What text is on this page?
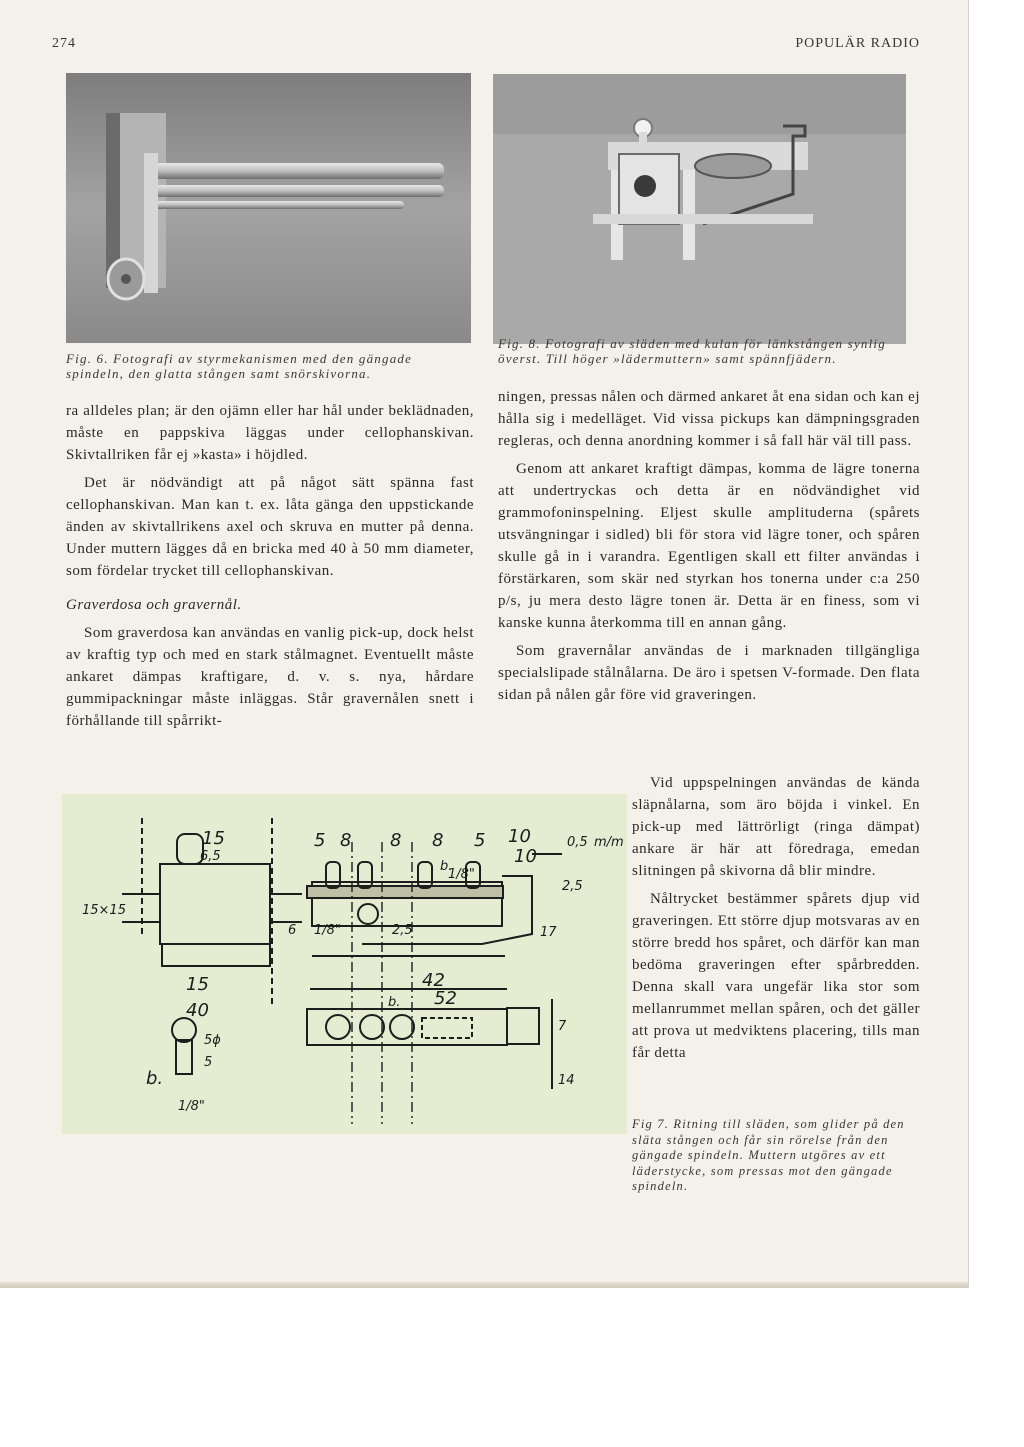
274	POPULÄR RADIO
Fig. 6. Fotografi av styrmekanismen med den gängade spindeln, den glatta stången samt snörskivorna.
Fig. 8. Fotografi av släden med kulan för länkstången synlig överst. Till höger »lädermuttern» samt spännfjädern.

ra alldeles plan; är den ojämn eller har hål under beklädnaden, måste en pappskiva läggas under cellophanskivan. Skivtallriken får ej »kasta» i höjdled.

Det är nödvändigt att på något sätt spänna fast cellophanskivan. Man kan t. ex. låta gänga den uppstickande änden av skivtallrikens axel och skruva en mutter på denna. Under muttern lägges då en bricka med 40 à 50 mm diameter, som fördelar trycket till cellophanskivan.

Graverdosa och gravernål.

Som graverdosa kan användas en vanlig pick-up, dock helst av kraftig typ och med en stark stålmagnet. Eventuellt måste ankaret dämpas kraftigare, d. v. s. nya, hårdare gummipackningar måste inläggas. Står gravernålen snett i förhållande till spårrikt-

ningen, pressas nålen och därmed ankaret åt ena sidan och kan ej hålla sig i medelläget. Vid vissa pickups kan dämpningsgraden regleras, och denna anordning kommer i så fall här väl till pass.

Genom att ankaret kraftigt dämpas, komma de lägre tonerna att undertryckas och detta är en nödvändighet vid grammofoninspelning. Eljest skulle amplituderna (spårets utsvängningar i sidled) bli för stora vid lägre toner, och spåren skulle gå in i varandra. Egentligen skall ett filter användas i förstärkaren, som skär ned styrkan hos tonerna under c:a 250 p/s, ju mera desto lägre tonen är. Detta är en finess, som vi kanske kunna återkomma till en annan gång.

Som gravernålar användas de i marknaden tillgängliga specialslipade stålnålarna. De äro i spetsen V-formade. Den flata sidan på nålen går före vid graveringen.

Vid uppspelningen användas de kända släpnålarna, som äro böjda i vinkel. En pick-up med lättrörligt (ringa dämpat) ankare är här att föredraga, emedan slitningen på skivorna då blir mindre.

Nåltrycket bestämmer spårets djup vid graveringen. Ett större djup motsvaras av en större bredd hos spåret, och därför kan man bedöma graveringen efter spårbredden. Denna skall vara ungefär lika stor som mellanrummet mellan spåren, och det gäller att prova ut medviktens placering, tills man får detta

15
6,5
15×15
6
15
40
5ϕ
5
1/8"
b.
5 8 8 8 5 10
10
0,5 m/m
2,5
17
1/8"	2,5
1/8"
b.
42
52
b.
7
14
Fig 7. Ritning till släden, som glider på den släta stången och får sin rörelse från den gängade spindeln. Muttern utgöres av ett läderstycke, som pressas mot den gängade spindeln.
